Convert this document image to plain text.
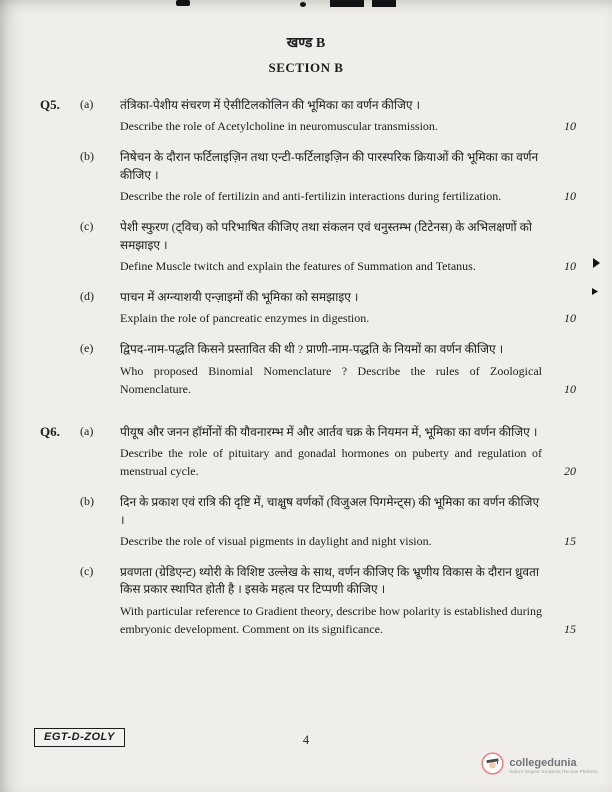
खण्ड B
SECTION B
Q5.	(a)	तंत्रिका-पेशीय संचरण में ऐसीटिलकोलिन की भूमिका का वर्णन कीजिए ।
Describe the role of Acetylcholine in neuromuscular transmission.	10
(b)	निषेचन के दौरान फर्टिलाइज़िन तथा एन्टी-फर्टिलाइज़िन की पारस्परिक क्रियाओं की भूमिका का वर्णन कीजिए ।
Describe the role of fertilizin and anti-fertilizin interactions during fertilization.	10
(c)	पेशी स्फुरण (ट्विच) को परिभाषित कीजिए तथा संकलन एवं धनुस्तम्भ (टिटेनस) के अभिलक्षणों को समझाइए ।
Define Muscle twitch and explain the features of Summation and Tetanus.	10
(d)	पाचन में अग्न्याशयी एन्ज़ाइमों की भूमिका को समझाइए ।
Explain the role of pancreatic enzymes in digestion.	10
(e)	द्विपद-नाम-पद्धति किसने प्रस्तावित की थी ? प्राणी-नाम-पद्धति के नियमों का वर्णन कीजिए ।
Who proposed Binomial Nomenclature ? Describe the rules of Zoological Nomenclature.	10
Q6.	(a)	पीयूष और जनन हॉर्मोनों की यौवनारम्भ में और आर्तव चक्र के नियमन में, भूमिका का वर्णन कीजिए ।
Describe the role of pituitary and gonadal hormones on puberty and regulation of menstrual cycle.	20
(b)	दिन के प्रकाश एवं रात्रि की दृष्टि में, चाक्षुष वर्णकों (विजुअल पिगमेन्ट्स) की भूमिका का वर्णन कीजिए ।
Describe the role of visual pigments in daylight and night vision.	15
(c)	प्रवणता (ग्रेडिएन्ट) थ्योरी के विशिष्ट उल्लेख के साथ, वर्णन कीजिए कि भ्रूणीय विकास के दौरान ध्रुवता किस प्रकार स्थापित होती है । इसके महत्व पर टिप्पणी कीजिए ।
With particular reference to Gradient theory, describe how polarity is established during embryonic development. Comment on its significance.	15
EGT-D-ZOLY	4
collegedunia
India's largest Students Review Platform
